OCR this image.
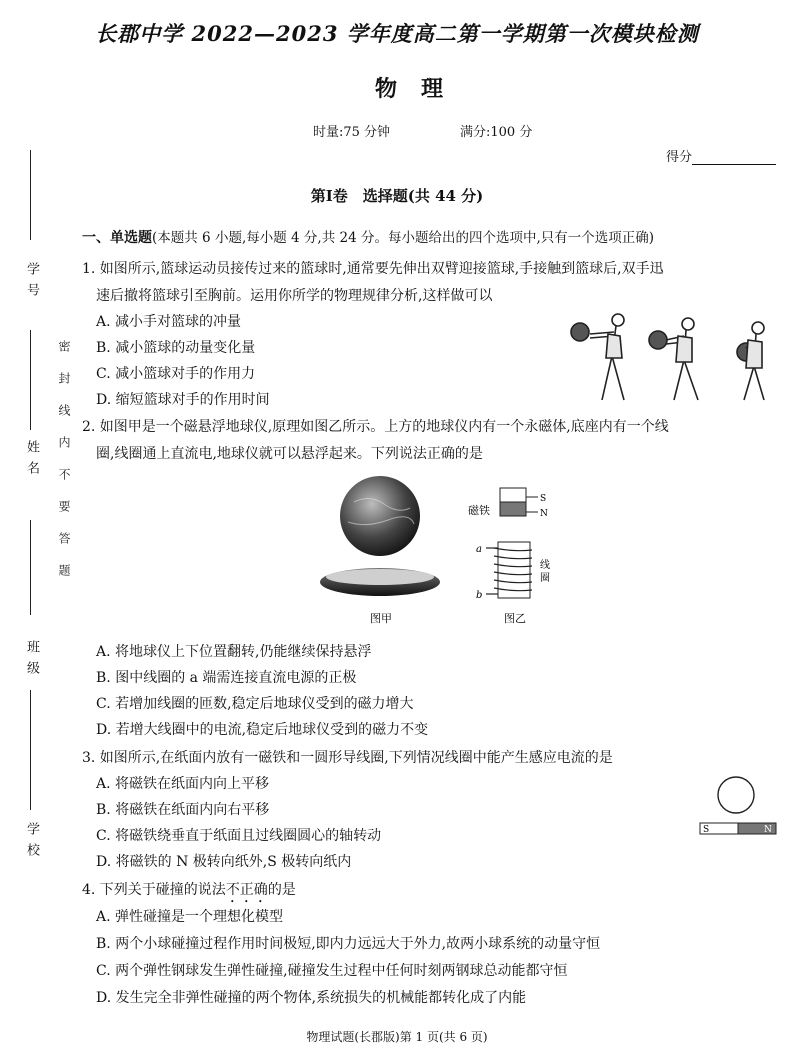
学 号
姓 名
班 级
学 校
密封线内不要答题
长郡中学 2022—2023 学年度高二第一学期第一次模块检测
物理
时量:75 分钟	满分:100 分
得分
第Ⅰ卷　选择题(共 44 分)
一、单选题(本题共 6 小题,每小题 4 分,共 24 分。每小题给出的四个选项中,只有一个选项正确)
1. 如图所示,篮球运动员接传过来的篮球时,通常要先伸出双臂迎接篮球,手接触到篮球后,双手迅
速后撤将篮球引至胸前。运用你所学的物理规律分析,这样做可以
A. 减小手对篮球的冲量
B. 减小篮球的动量变化量
C. 减小篮球对手的作用力
D. 缩短篮球对手的作用时间
2. 如图甲是一个磁悬浮地球仪,原理如图乙所示。上方的地球仪内有一个永磁体,底座内有一个线
圈,线圈通上直流电,地球仪就可以悬浮起来。下列说法正确的是
图甲
磁铁
S
N
a
b
线
圈
图乙
A. 将地球仪上下位置翻转,仍能继续保持悬浮
B. 图中线圈的 a 端需连接直流电源的正极
C. 若增加线圈的匝数,稳定后地球仪受到的磁力增大
D. 若增大线圈中的电流,稳定后地球仪受到的磁力不变
3. 如图所示,在纸面内放有一磁铁和一圆形导线圈,下列情况线圈中能产生感应电流的是
A. 将磁铁在纸面内向上平移
B. 将磁铁在纸面内向右平移
C. 将磁铁绕垂直于纸面且过线圈圆心的轴转动
D. 将磁铁的 N 极转向纸外,S 极转向纸内
S	N
4. 下列关于碰撞的说法不正确的是
A. 弹性碰撞是一个理想化模型
B. 两个小球碰撞过程作用时间极短,即内力远远大于外力,故两小球系统的动量守恒
C. 两个弹性钢球发生弹性碰撞,碰撞发生过程中任何时刻两钢球总动能都守恒
D. 发生完全非弹性碰撞的两个物体,系统损失的机械能都转化成了内能
物理试题(长郡版)第 1 页(共 6 页)
